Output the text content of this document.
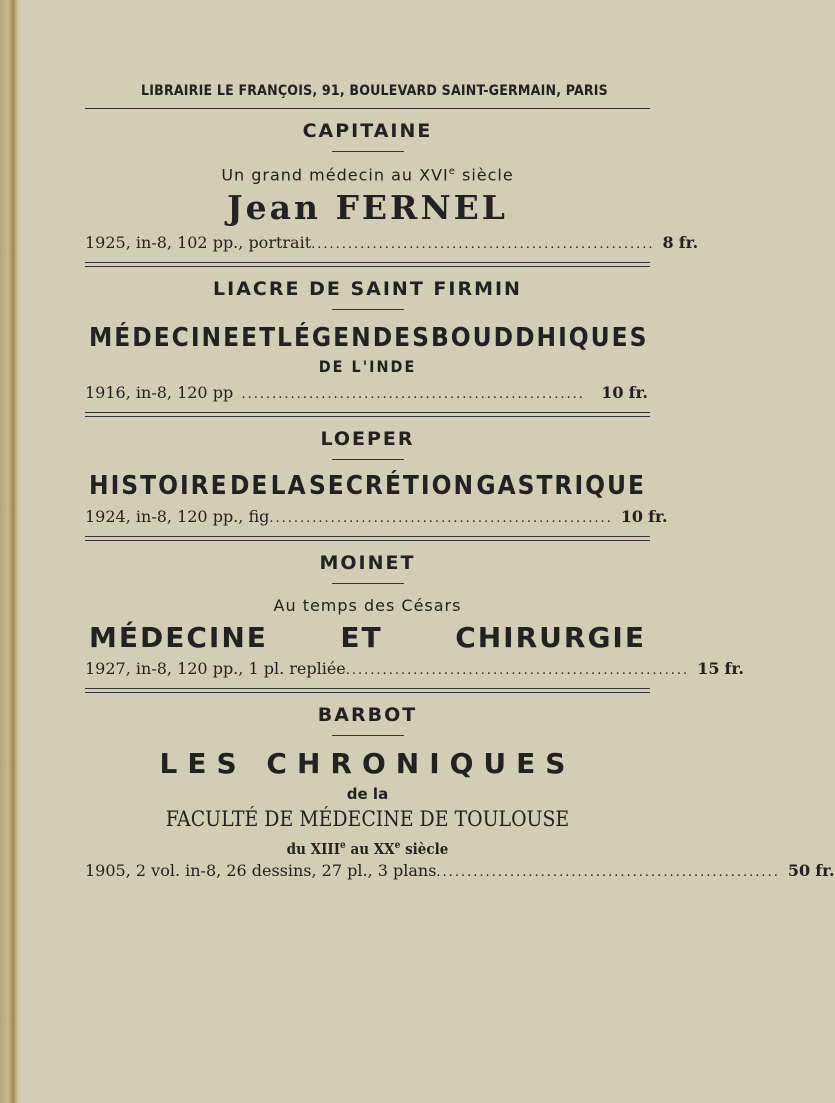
LIBRAIRIE LE FRANÇOIS, 91, BOULEVARD SAINT-GERMAIN, PARIS
CAPITAINE
Un grand médecin au XVIe siècle
Jean FERNEL
1925, in-8, 102 pp., portrait ........................................................ 8 fr.
LIACRE DE SAINT FIRMIN
MÉDECINE ET LÉGENDES BOUDDHIQUES
DE L'INDE
1916, in-8, 120 pp ........................................................	10 fr.
LOEPER
HISTOIRE DE LA SECRÉTION GASTRIQUE
1924, in-8, 120 pp., fig ........................................................ 10 fr.
MOINET
Au temps des Césars
MÉDECINE	ET	CHIRURGIE
1927, in-8, 120 pp., 1 pl. repliée ........................................................ 15 fr.
BARBOT
LES CHRONIQUES
de la
FACULTÉ DE MÉDECINE DE TOULOUSE
du XIIIe au XXe siècle
1905, 2 vol. in-8, 26 dessins, 27 pl., 3 plans ........................................................ 50 fr.
